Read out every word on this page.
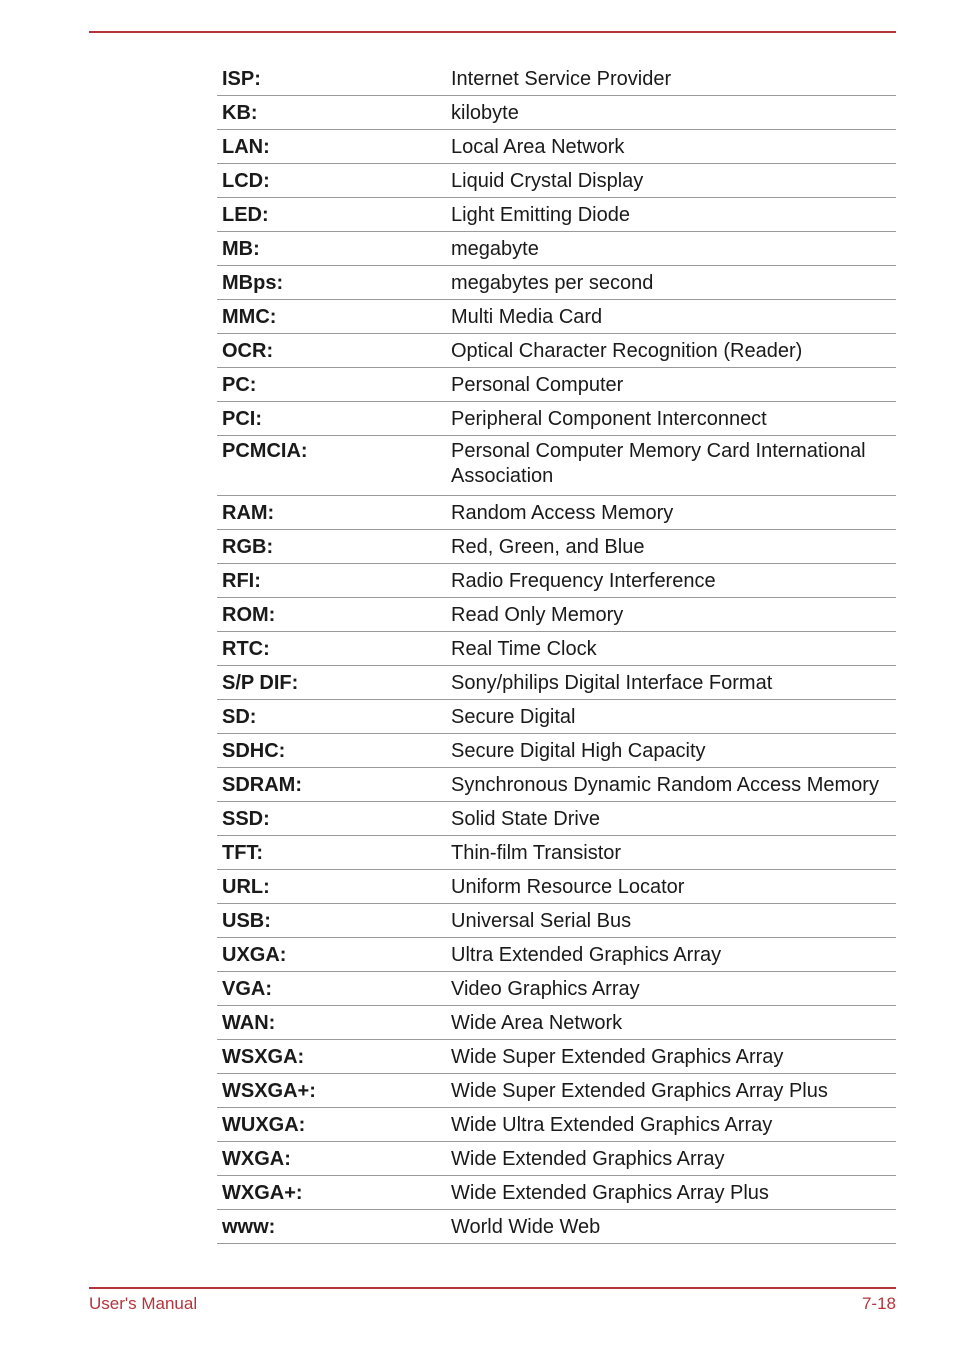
ISP:	Internet Service Provider
KB:	kilobyte
LAN:	Local Area Network
LCD:	Liquid Crystal Display
LED:	Light Emitting Diode
MB:	megabyte
MBps:	megabytes per second
MMC:	Multi Media Card
OCR:	Optical Character Recognition (Reader)
PC:	Personal Computer
PCI:	Peripheral Component Interconnect
PCMCIA:	Personal Computer Memory Card International Association
RAM:	Random Access Memory
RGB:	Red, Green, and Blue
RFI:	Radio Frequency Interference
ROM:	Read Only Memory
RTC:	Real Time Clock
S/P DIF:	Sony/philips Digital Interface Format
SD:	Secure Digital
SDHC:	Secure Digital High Capacity
SDRAM:	Synchronous Dynamic Random Access Memory
SSD:	Solid State Drive
TFT:	Thin-film Transistor
URL:	Uniform Resource Locator
USB:	Universal Serial Bus
UXGA:	Ultra Extended Graphics Array
VGA:	Video Graphics Array
WAN:	Wide Area Network
WSXGA:	Wide Super Extended Graphics Array
WSXGA+:	Wide Super Extended Graphics Array Plus
WUXGA:	Wide Ultra Extended Graphics Array
WXGA:	Wide Extended Graphics Array
WXGA+:	Wide Extended Graphics Array Plus
www:	World Wide Web
User's Manual	7-18
